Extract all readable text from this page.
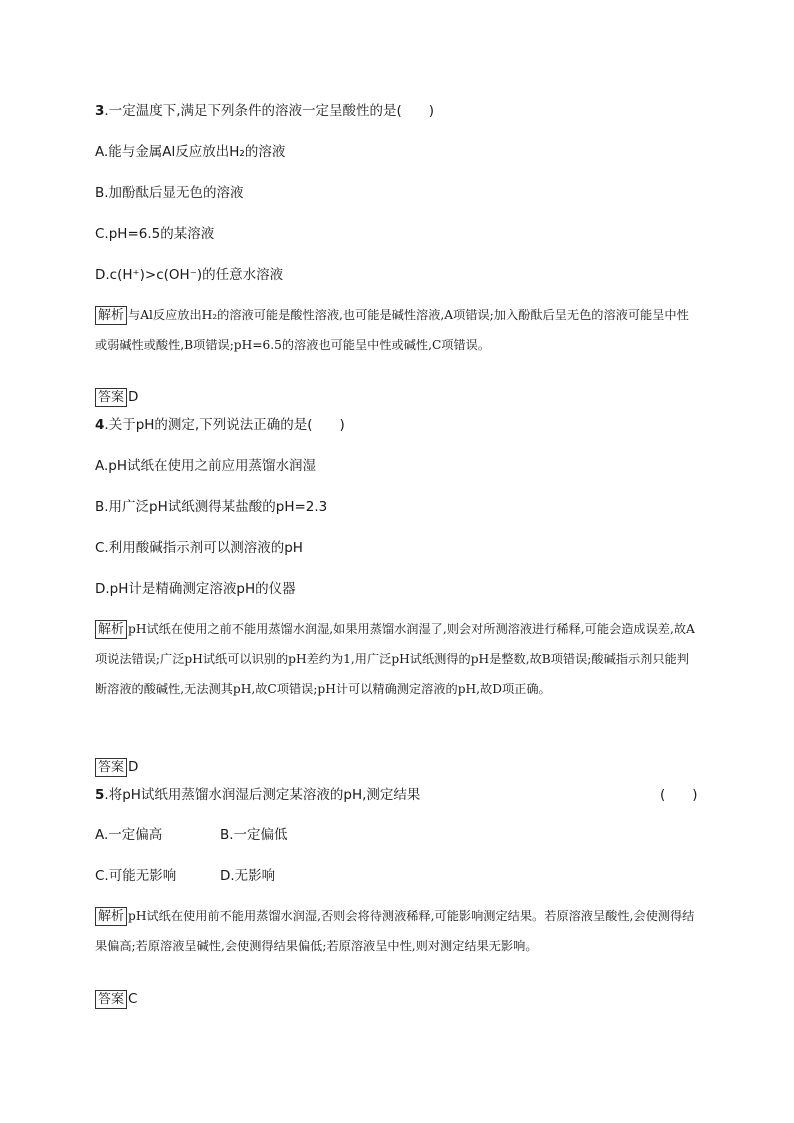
3.一定温度下,满足下列条件的溶液一定呈酸性的是(　　)

A.能与金属Al反应放出H₂的溶液

B.加酚酞后显无色的溶液

C.pH=6.5的某溶液

D.c(H⁺)>c(OH⁻)的任意水溶液

解析 与Al反应放出H₂的溶液可能是酸性溶液,也可能是碱性溶液,A项错误;加入酚酞后呈无色的溶液可能呈中性或弱碱性或酸性,B项错误;pH=6.5的溶液也可能呈中性或碱性,C项错误。

答案 D

4.关于pH的测定,下列说法正确的是(　　)

A.pH试纸在使用之前应用蒸馏水润湿

B.用广泛pH试纸测得某盐酸的pH=2.3

C.利用酸碱指示剂可以测溶液的pH

D.pH计是精确测定溶液pH的仪器

解析 pH试纸在使用之前不能用蒸馏水润湿,如果用蒸馏水润湿了,则会对所测溶液进行稀释,可能会造成误差,故A项说法错误;广泛pH试纸可以识别的pH差约为1,用广泛pH试纸测得的pH是整数,故B项错误;酸碱指示剂只能判断溶液的酸碱性,无法测其pH,故C项错误;pH计可以精确测定溶液的pH,故D项正确。

答案 D

5.将pH试纸用蒸馏水润湿后测定某溶液的pH,测定结果	(　　)

A.一定偏高	B.一定偏低

C.可能无影响	D.无影响

解析 pH试纸在使用前不能用蒸馏水润湿,否则会将待测液稀释,可能影响测定结果。若原溶液呈酸性,会使测得结果偏高;若原溶液呈碱性,会使测得结果偏低;若原溶液呈中性,则对测定结果无影响。

答案 C
